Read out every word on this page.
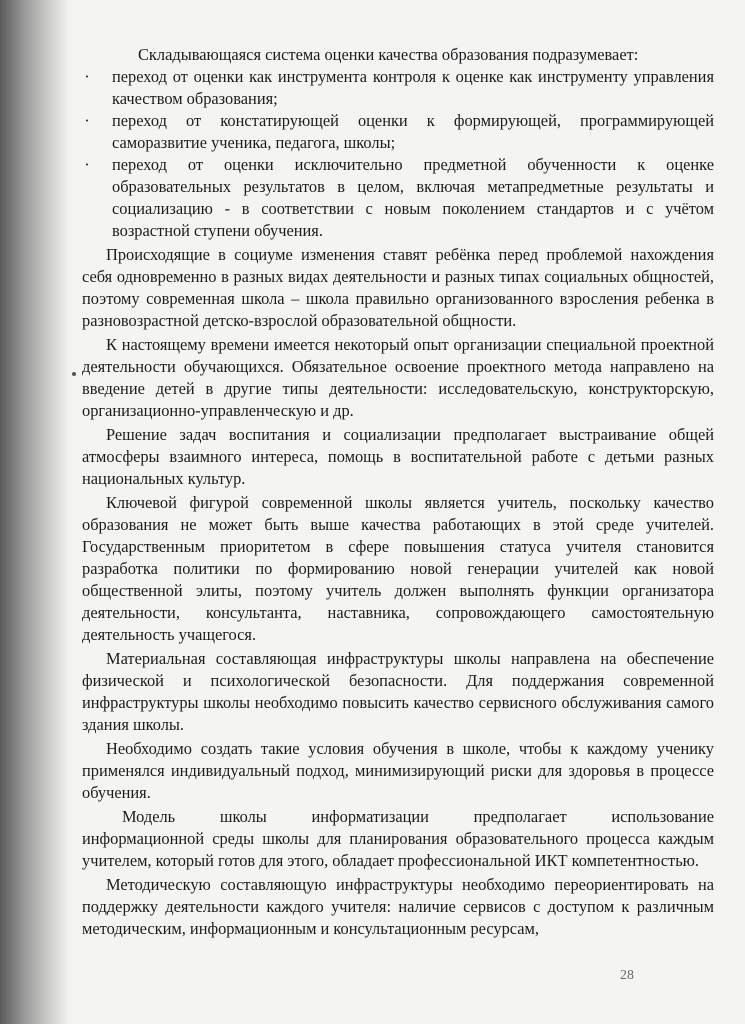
Складывающаяся система оценки качества образования подразумевает:

· переход от оценки как инструмента контроля к оценке как инструменту управления качеством образования;
· переход от констатирующей оценки к формирующей, программирующей саморазвитие ученика, педагога, школы;
· переход от оценки исключительно предметной обученности к оценке образовательных результатов в целом, включая метапредметные результаты и социализацию - в соответствии с новым поколением стандартов и с учётом возрастной ступени обучения.

Происходящие в социуме изменения ставят ребёнка перед проблемой нахождения себя одновременно в разных видах деятельности и разных типах социальных общностей, поэтому современная школа – школа правильно организованного взросления ребенка в разновозрастной детско-взрослой образовательной общности.

К настоящему времени имеется некоторый опыт организации специальной проектной деятельности обучающихся. Обязательное освоение проектного метода направлено на введение детей в другие типы деятельности: исследовательскую, конструкторскую, организационно-управленческую и др.

Решение задач воспитания и социализации предполагает выстраивание общей атмосферы взаимного интереса, помощь в воспитательной работе с детьми разных национальных культур.

Ключевой фигурой современной школы является учитель, поскольку качество образования не может быть выше качества работающих в этой среде учителей. Государственным приоритетом в сфере повышения статуса учителя становится разработка политики по формированию новой генерации учителей как новой общественной элиты, поэтому учитель должен выполнять функции организатора деятельности, консультанта, наставника, сопровождающего самостоятельную деятельность учащегося.

Материальная составляющая инфраструктуры школы направлена на обеспечение физической и психологической безопасности. Для поддержания современной инфраструктуры школы необходимо повысить качество сервисного обслуживания самого здания школы.

Необходимо создать такие условия обучения в школе, чтобы к каждому ученику применялся индивидуальный подход, минимизирующий риски для здоровья в процессе обучения.

Модель школы информатизации предполагает использование информационной среды школы для планирования образовательного процесса каждым учителем, который готов для этого, обладает профессиональной ИКТ компетентностью.

Методическую составляющую инфраструктуры необходимо переориентировать на поддержку деятельности каждого учителя: наличие сервисов с доступом к различным методическим, информационным и консультационным ресурсам,

28
